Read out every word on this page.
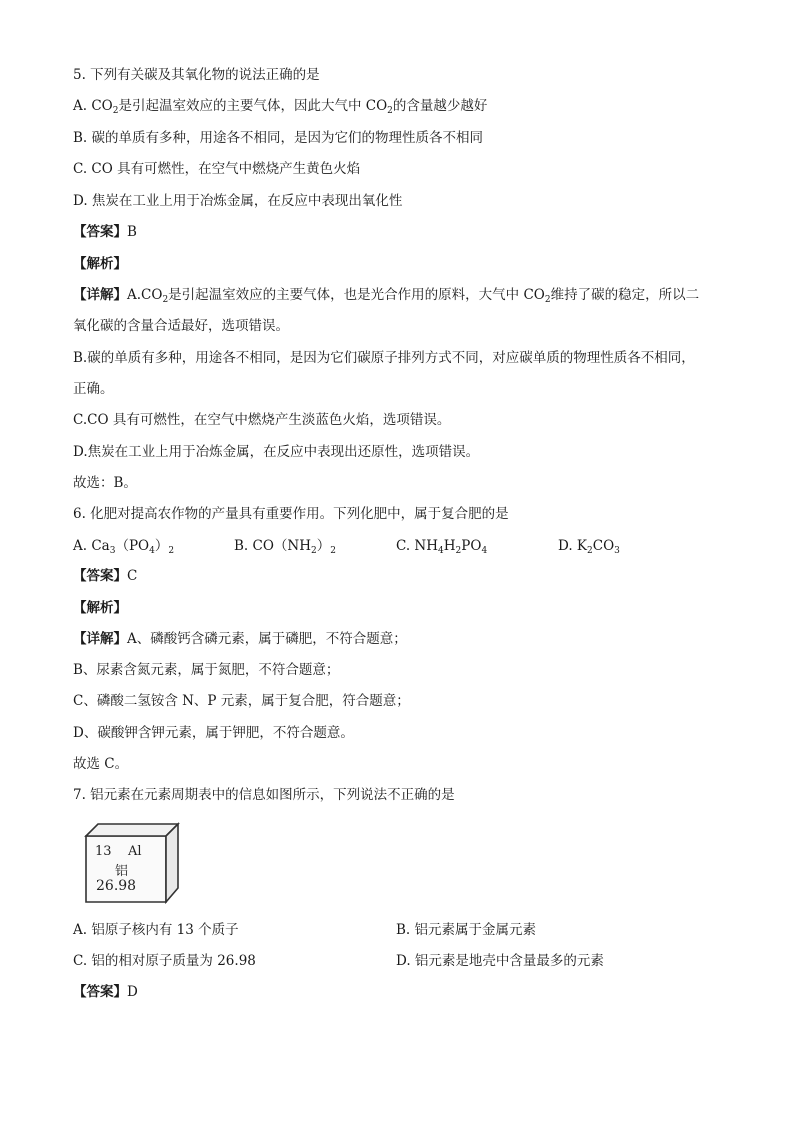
5. 下列有关碳及其氧化物的说法正确的是
A. $CO_2$是引起温室效应的主要气体，因此大气中 $CO_2$的含量越少越好
B. 碳的单质有多种，用途各不相同，是因为它们的物理性质各不相同
C. CO 具有可燃性，在空气中燃烧产生黄色火焰
D. 焦炭在工业上用于冶炼金属，在反应中表现出氧化性
【答案】B
【解析】
【详解】$A.CO_2$是引起温室效应的主要气体，也是光合作用的原料，大气中 $CO_2$维持了碳的稳定，所以二
氧化碳的含量合适最好，选项错误。
B.碳的单质有多种，用途各不相同，是因为它们碳原子排列方式不同，对应碳单质的物理性质各不相同，
正确。
C.CO 具有可燃性，在空气中燃烧产生淡蓝色火焰，选项错误。
D.焦炭在工业上用于冶炼金属，在反应中表现出还原性，选项错误。
故选：B。
6. 化肥对提高农作物的产量具有重要作用。下列化肥中，属于复合肥的是
A. $Ca_3(PO_4)_2$	B. $CO(NH_2)_2$	C. $NH_4H_2PO_4$	D. $K_2CO_3$
【答案】C
【解析】
【详解】A、磷酸钙含磷元素，属于磷肥，不符合题意；
B、尿素含氮元素，属于氮肥，不符合题意；
C、磷酸二氢铵含 N、P 元素，属于复合肥，符合题意；
D、碳酸钾含钾元素，属于钾肥，不符合题意。
故选 C。
7. 铝元素在元素周期表中的信息如图所示，下列说法不正确的是
13 Al
铝
26.98
A. 铝原子核内有 13 个质子	B. 铝元素属于金属元素
C. 铝的相对原子质量为 26.98	D. 铝元素是地壳中含量最多的元素
【答案】D
